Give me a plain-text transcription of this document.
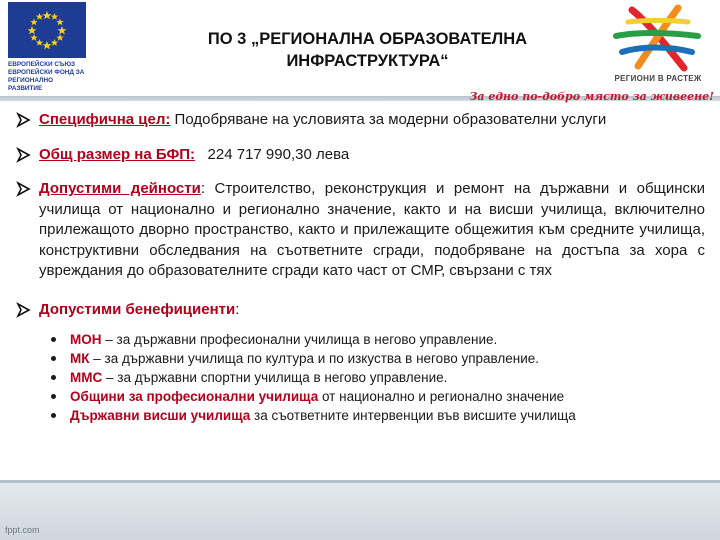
ЕВРОПЕЙСКИ СЪЮЗ
ЕВРОПЕЙСКИ ФОНД ЗА
РЕГИОНАЛНО РАЗВИТИЕ
ПО 3 „РЕГИОНАЛНА ОБРАЗОВАТЕЛНА
ИНФРАСТРУКТУРА“
РЕГИОНИ В РАСТЕЖ
За едно по-добро място за живеене!
Специфична цел: Подобряване на условията за модерни образователни услуги
Общ размер на БФП:   224 717 990,30 лева
Допустими дейности: Строителство, реконструкция и ремонт на държавни и общински училища от национално и регионално значение, както и на висши училища, включително прилежащото дворно пространство, както и прилежащите общежития към средните училища, конструктивни обследвания на съответните сгради, подобряване на достъпа за хора с увреждания до образователните сгради като част от СМР, свързани с тях
Допустими бенефициенти:
МОН – за държавни професионални училища в негово управление.
МК – за държавни училища по култура и по изкуства в негово управление.
ММС – за държавни спортни училища в негово управление.
Общини за професионални училища от национално и регионално значение
Държавни висши училища за съответните интервенции във висшите училища
fppt.com
